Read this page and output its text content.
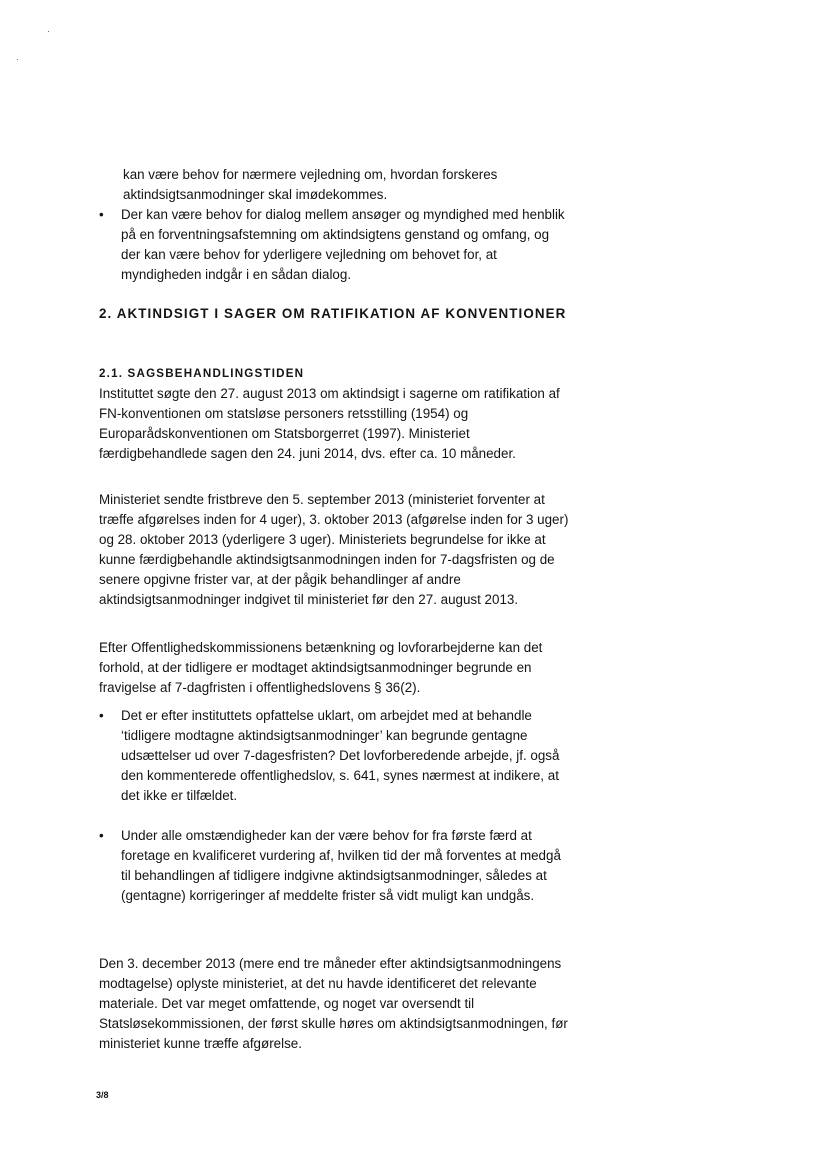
kan være behov for nærmere vejledning om, hvordan forskeres aktindsigtsanmodninger skal imødekommes.

•	Der kan være behov for dialog mellem ansøger og myndighed med henblik på en forventningsafstemning om aktindsigtens genstand og omfang, og der kan være behov for yderligere vejledning om behovet for, at myndigheden indgår i en sådan dialog.

2. AKTINDSIGT I SAGER OM RATIFIKATION AF KONVENTIONER
2.1. SAGSBEHANDLINGSTIDEN

Instituttet søgte den 27. august 2013 om aktindsigt i sagerne om ratifikation af FN-konventionen om statsløse personers retsstilling (1954) og Europarådskonventionen om Statsborgerret (1997). Ministeriet færdigbehandlede sagen den 24. juni 2014, dvs. efter ca. 10 måneder.

Ministeriet sendte fristbreve den 5. september 2013 (ministeriet forventer at træffe afgørelses inden for 4 uger), 3. oktober 2013 (afgørelse inden for 3 uger) og 28. oktober 2013 (yderligere 3 uger). Ministeriets begrundelse for ikke at kunne færdigbehandle aktindsigtsanmodningen inden for 7-dagsfristen og de senere opgivne frister var, at der pågik behandlinger af andre aktindsigtsanmodninger indgivet til ministeriet før den 27. august 2013.

Efter Offentlighedskommissionens betænkning og lovforarbejderne kan det forhold, at der tidligere er modtaget aktindsigtsanmodninger begrunde en fravigelse af 7-dagfristen i offentlighedslovens § 36(2).

•	Det er efter instituttets opfattelse uklart, om arbejdet med at behandle ‘tidligere modtagne aktindsigtsanmodninger’ kan begrunde gentagne udsættelser ud over 7-dagesfristen? Det lovforberedende arbejde, jf. også den kommenterede offentlighedslov, s. 641, synes nærmest at indikere, at det ikke er tilfældet.

•	Under alle omstændigheder kan der være behov for fra første færd at foretage en kvalificeret vurdering af, hvilken tid der må forventes at medgå til behandlingen af tidligere indgivne aktindsigtsanmodninger, således at (gentagne) korrigeringer af meddelte frister så vidt muligt kan undgås.

Den 3. december 2013 (mere end tre måneder efter aktindsigtsanmodningens modtagelse) oplyste ministeriet, at det nu havde identificeret det relevante materiale. Det var meget omfattende, og noget var oversendt til Statsløsekommissionen, der først skulle høres om aktindsigtsanmodningen, før ministeriet kunne træffe afgørelse.

3/8
